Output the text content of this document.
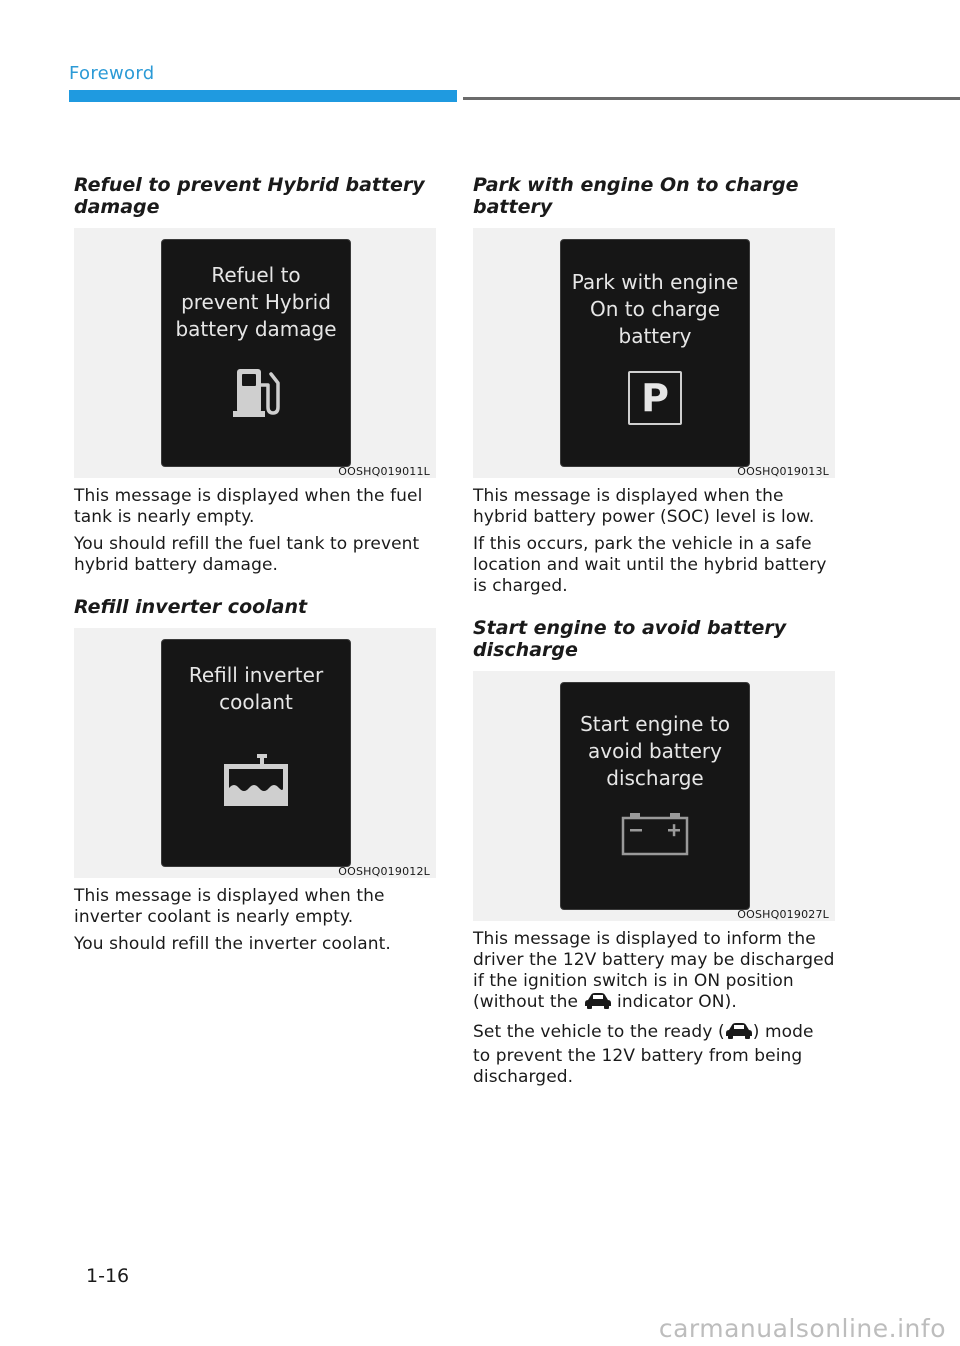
Foreword
Refuel to prevent Hybrid battery damage
Refuel to
prevent Hybrid
battery damage
OOSHQ019011L

This message is displayed when the fuel tank is nearly empty.

You should refill the fuel tank to prevent hybrid battery damage.

Refill inverter coolant
Refill inverter
coolant
OOSHQ019012L

This message is displayed when the inverter coolant is nearly empty.

You should refill the inverter coolant.

Park with engine On to charge battery
Park with engine
On to charge
battery
P
OOSHQ019013L

This message is displayed when the hybrid battery power (SOC) level is low.

If this occurs, park the vehicle in a safe location and wait until the hybrid battery is charged.

Start engine to avoid battery discharge
Start engine to
avoid battery
discharge
OOSHQ019027L

This message is displayed to inform the driver the 12V battery may be discharged if the ignition switch is in ON position (without the  indicator ON).

Set the vehicle to the ready ( ) mode to prevent the 12V battery from being discharged.

1-16
carmanualsonline.info
